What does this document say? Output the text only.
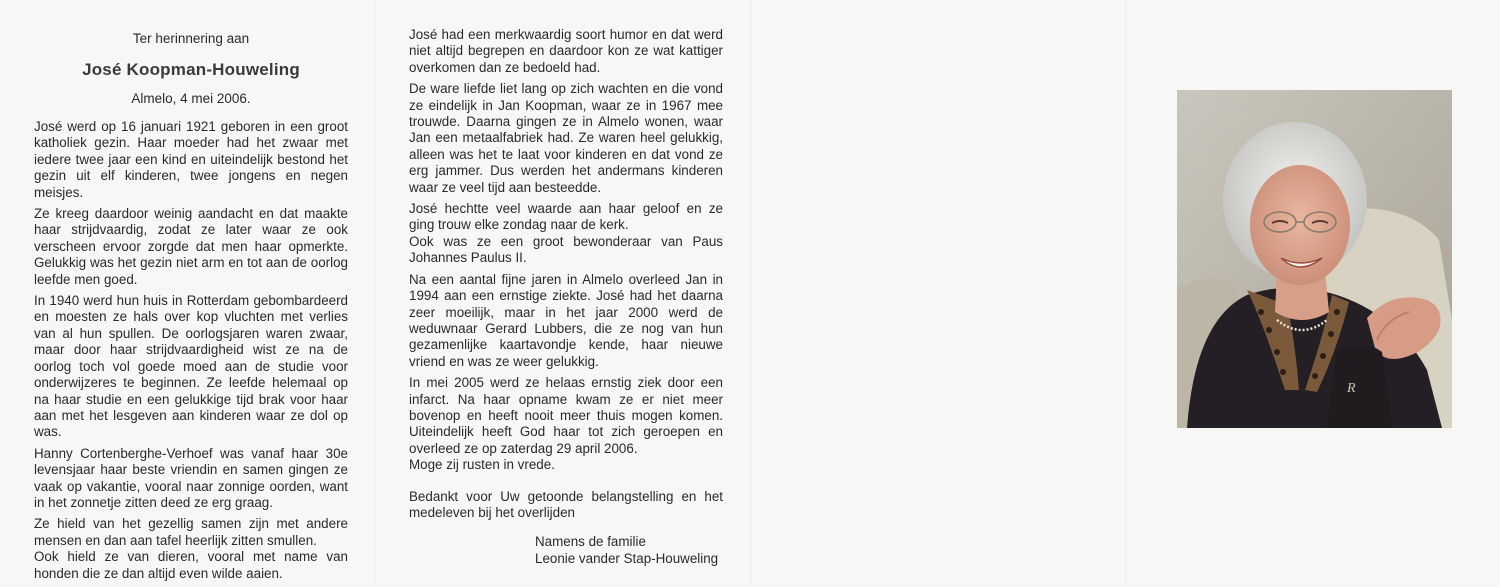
Ter herinnering aan

José Koopman-Houweling

Almelo, 4 mei 2006.

José werd op 16 januari 1921 geboren in een groot katholiek gezin. Haar moeder had het zwaar met iedere twee jaar een kind en uiteindelijk bestond het gezin uit elf kinderen, twee jongens en negen meisjes.

Ze kreeg daardoor weinig aandacht en dat maakte haar strijdvaardig, zodat ze later waar ze ook verscheen ervoor zorgde dat men haar opmerkte. Gelukkig was het gezin niet arm en tot aan de oorlog leefde men goed.

In 1940 werd hun huis in Rotterdam gebombardeerd en moesten ze hals over kop vluchten met verlies van al hun spullen. De oorlogsjaren waren zwaar, maar door haar strijdvaardigheid wist ze na de oorlog toch vol goede moed aan de studie voor onderwijzeres te beginnen. Ze leefde helemaal op na haar studie en een gelukkige tijd brak voor haar aan met het lesgeven aan kinderen waar ze dol op was.

Hanny Cortenberghe-Verhoef was vanaf haar 30e levensjaar haar beste vriendin en samen gingen ze vaak op vakantie, vooral naar zonnige oorden, want in het zonnetje zitten deed ze erg graag.

Ze hield van het gezellig samen zijn met andere mensen en dan aan tafel heerlijk zitten smullen.

Ook hield ze van dieren, vooral met name van honden die ze dan altijd even wilde aaien.

José had een merkwaardig soort humor en dat werd niet altijd begrepen en daardoor kon ze wat kattiger overkomen dan ze bedoeld had.

De ware liefde liet lang op zich wachten en die vond ze eindelijk in Jan Koopman, waar ze in 1967 mee trouwde. Daarna gingen ze in Almelo wonen, waar Jan een metaalfabriek had. Ze waren heel gelukkig, alleen was het te laat voor kinderen en dat vond ze erg jammer. Dus werden het andermans kinderen waar ze veel tijd aan besteedde.

José hechtte veel waarde aan haar geloof en ze ging trouw elke zondag naar de kerk.

Ook was ze een groot bewonderaar van Paus Johannes Paulus II.

Na een aantal fijne jaren in Almelo overleed Jan in 1994 aan een ernstige ziekte. José had het daarna zeer moeilijk, maar in het jaar 2000 werd de weduwnaar Gerard Lubbers, die ze nog van hun gezamenlijke kaartavondje kende, haar nieuwe vriend en was ze weer gelukkig.

In mei 2005 werd ze helaas ernstig ziek door een infarct. Na haar opname kwam ze er niet meer bovenop en heeft nooit meer thuis mogen komen. Uiteindelijk heeft God haar tot zich geroepen en overleed ze op zaterdag 29 april 2006.

Moge zij rusten in vrede.

Bedankt voor Uw getoonde belangstelling en het medeleven bij het overlijden

Namens de familie
Leonie vander Stap-Houweling
R
